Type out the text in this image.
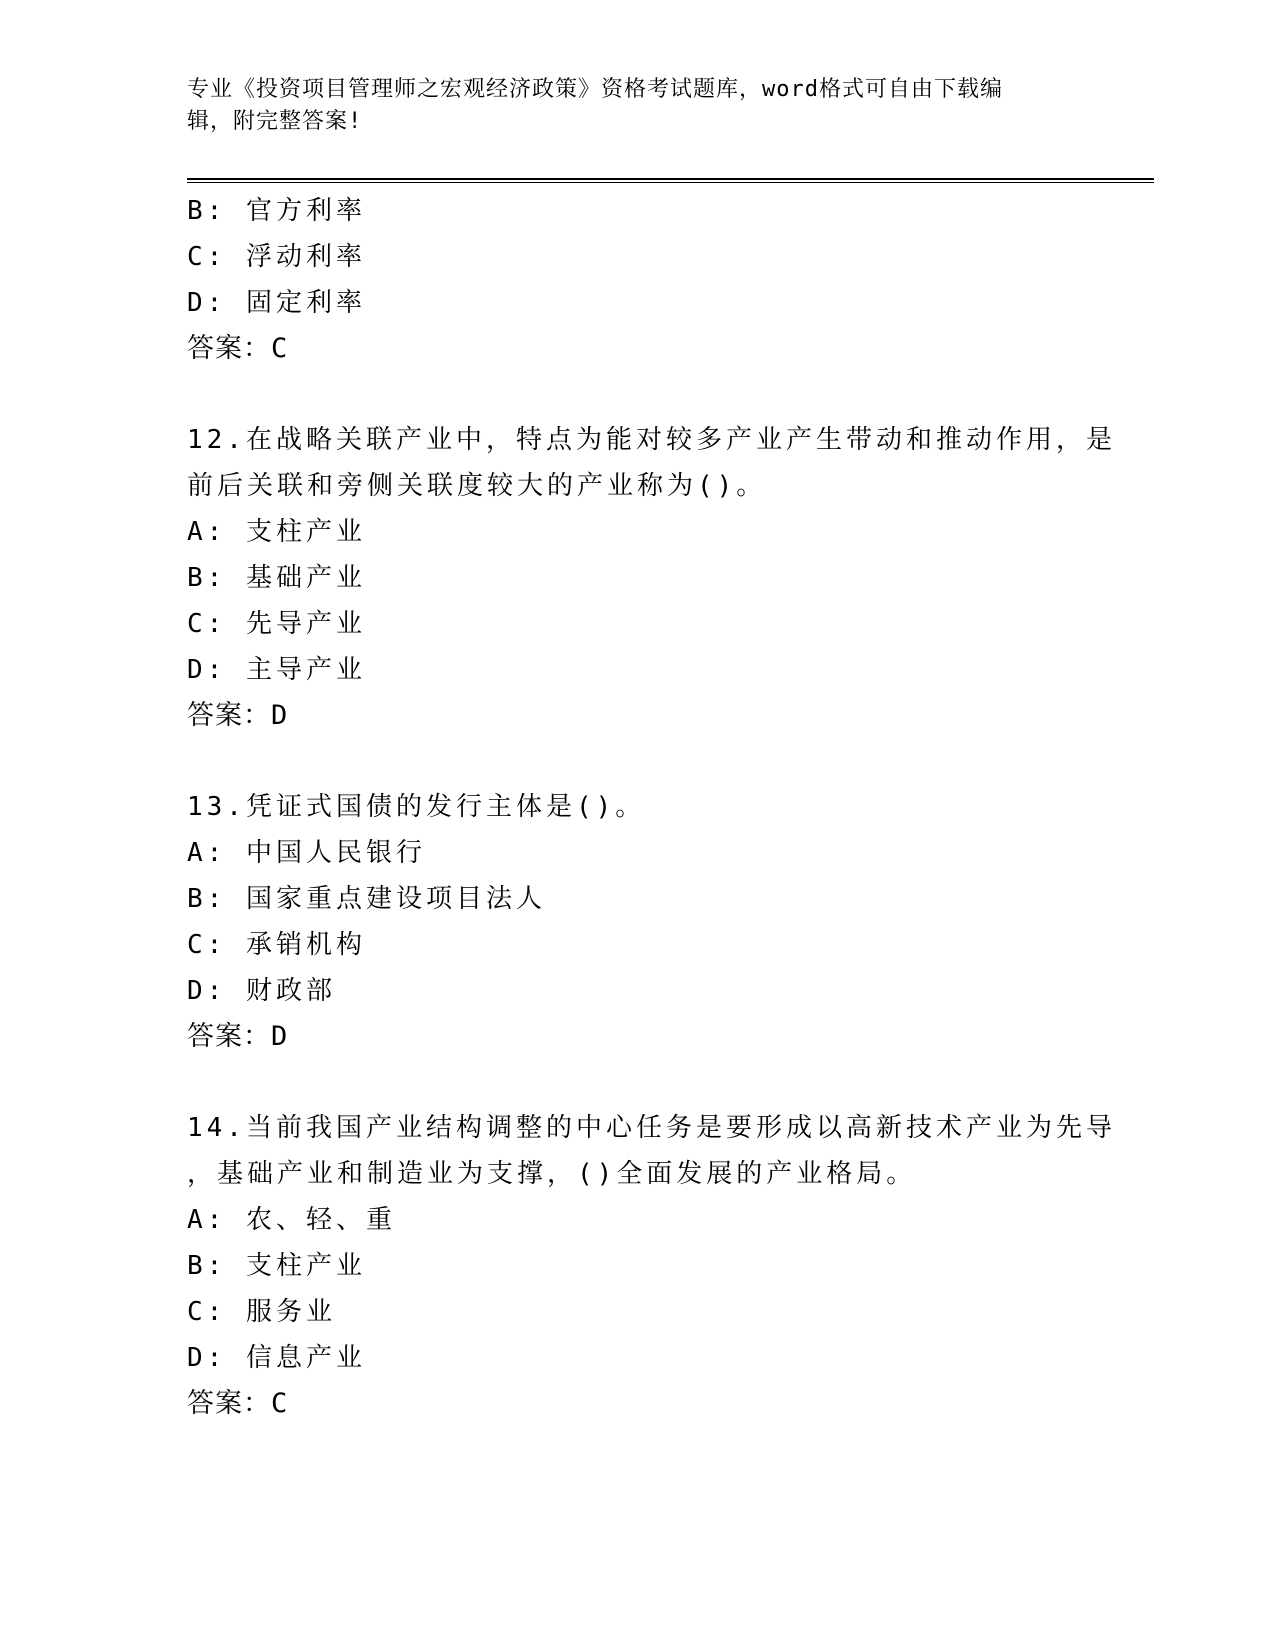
专业《投资项目管理师之宏观经济政策》资格考试题库，word格式可自由下载编
辑，附完整答案!
B: 官方利率
C: 浮动利率
D: 固定利率
答案：C
12.在战略关联产业中，特点为能对较多产业产生带动和推动作用，是
前后关联和旁侧关联度较大的产业称为()。
A: 支柱产业
B: 基础产业
C: 先导产业
D: 主导产业
答案：D
13.凭证式国债的发行主体是()。
A: 中国人民银行
B: 国家重点建设项目法人
C: 承销机构
D: 财政部
答案：D
14.当前我国产业结构调整的中心任务是要形成以高新技术产业为先导
，基础产业和制造业为支撑，()全面发展的产业格局。
A: 农、轻、重
B: 支柱产业
C: 服务业
D: 信息产业
答案：C
